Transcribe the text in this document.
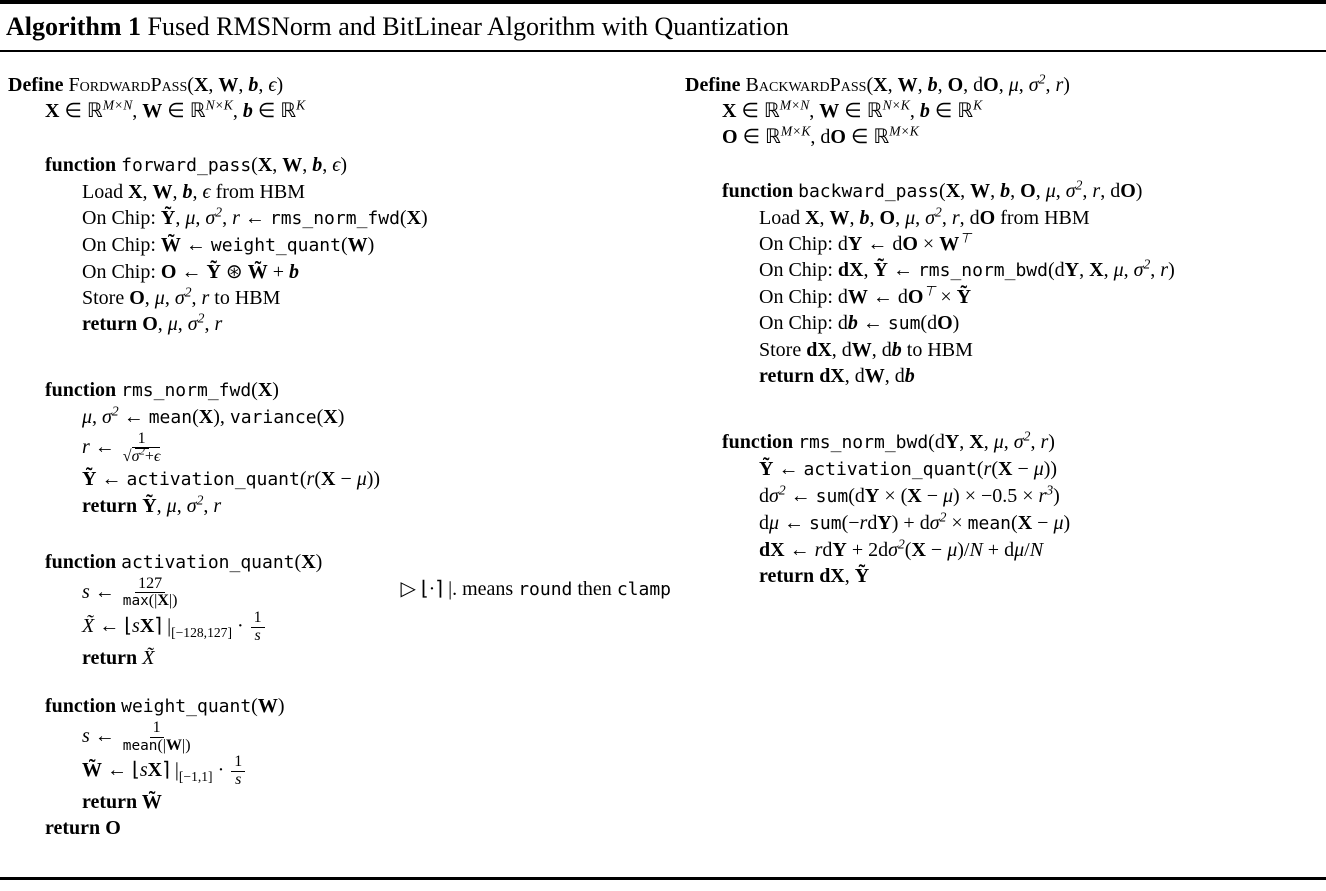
Algorithm 1 Fused RMSNorm and BitLinear Algorithm with Quantization
Define FordwardPass(X, W, b, ϵ)
X ∈ ℝ$^{M\times N}$, W ∈ ℝ$^{N\times K}$, b ∈ ℝ$^K$
function forward_pass(X, W, b, ϵ)
Load X, W, b, ϵ from HBM
On Chip: Ỹ, μ, $\sigma^2$, r ← rms_norm_fwd(X)
On Chip: W̃ ← weight_quant(W)
On Chip: O ← Ỹ ⊛ W̃ + b
Store O, μ, $\sigma^2$, r to HBM
return O, μ, $\sigma^2$, r
function rms_norm_fwd(X)
μ, $\sigma^2$ ← mean(X), variance(X)
r ← $\frac{1}{√\sigma^2+\epsilon}$
Ỹ ← activation_quant(r(X − μ))
return Ỹ, μ, $\sigma^2$, r
function activation_quant(X)
▷ ⌊·⌉ |. means round then clamp
s ← $\frac{127}{\max(|X|)}$
X̃ ← ⌊sX⌉ $|_{[-128,127]} \cdot \frac{1}{s}$
return X̃
function weight_quant(W)
s ← $\frac{1}{\text{mean(|W|)}}$
W̃ ← ⌊sX⌉ $|_{[-1,1]} \cdot \frac{1}{s}$
return W̃
return O
Define BackwardPass(X, W, b, O, dO, μ, $\sigma^2$, r)
X ∈ ℝ$^{M\times N}$, W ∈ ℝ$^{N\times K}$, b ∈ ℝ$^K$
O ∈ ℝ$^{M\times K}$, dO ∈ ℝ$^{M\times K}$
function backward_pass(X, W, b, O, μ, $\sigma^2$, r, dO)
Load X, W, b, O, μ, $\sigma^2$, r, dO from HBM
On Chip: dY ← dO × W⊤
On Chip: dX, Ỹ ← rms_norm_bwd(dY, X, μ, $\sigma^2$, r)
On Chip: dW ← dO⊤ × Ỹ
On Chip: db ← sum(dO)
Store dX, dW, db to HBM
return dX, dW, db
function rms_norm_bwd(dY, X, μ, $\sigma^2$, r)
Ỹ ← activation_quant(r(X − μ))
$d\sigma^2$ ← $sum(dY \times (X - \mu) \times -0.5 \times r^3)$
dμ ← $sum(-rdY) + d\sigma^2$ × mean(X − μ)
dX ← rdY + $2d\sigma^2(X - \mu)/N + d\mu/N$
return dX, Ỹ
